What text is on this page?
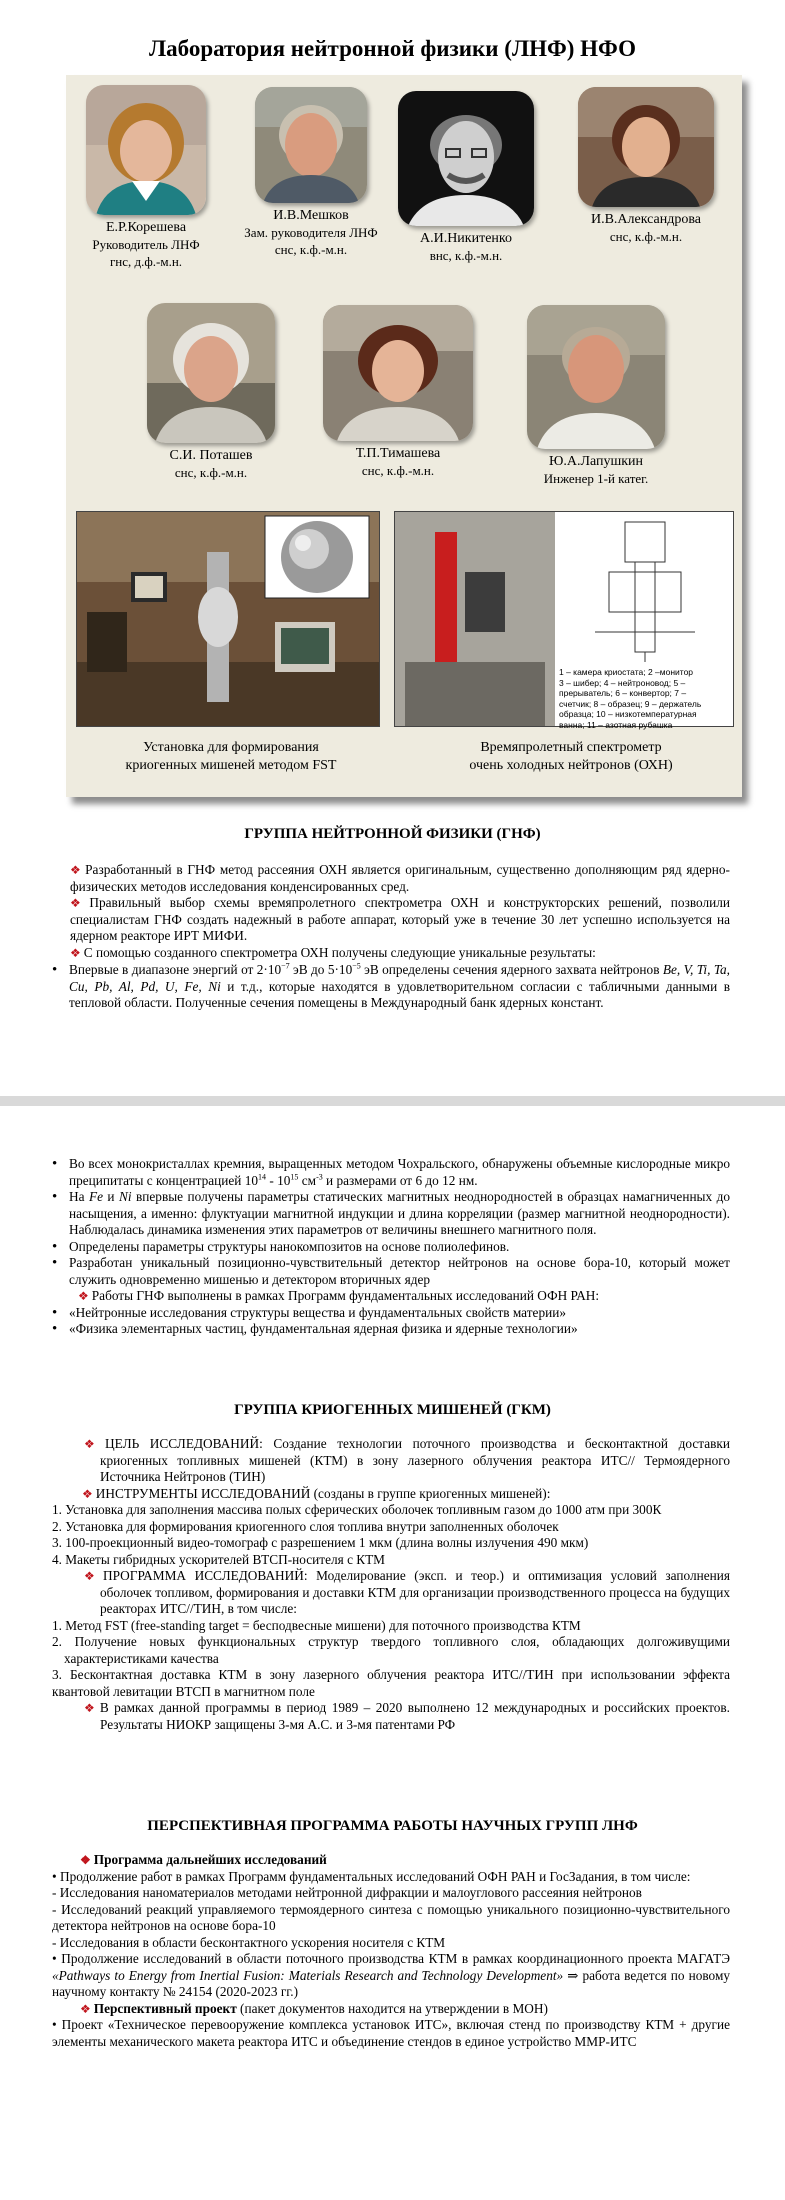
Лаборатория нейтронной физики (ЛНФ) НФО
Е.Р.Корешева
Руководитель ЛНФ
гнс, д.ф.-м.н.
И.В.Мешков
Зам. руководителя ЛНФ
снс, к.ф.-м.н.
А.И.Никитенко
внс, к.ф.-м.н.
И.В.Александрова
снс, к.ф.-м.н.
С.И. Поташев
снс, к.ф.-м.н.
Т.П.Тимашева
снс, к.ф.-м.н.
Ю.А.Лапушкин
Инженер 1-й катег.
1 – камера криостата; 2 –монитор
3 – шибер; 4 – нейтроновод; 5 –
прерыватель; 6 – конвертор; 7 –
счетчик; 8 – образец; 9 – держатель
образца; 10 – низкотемпературная
ванна; 11 – азотная рубашка
Установка для формирования
криогенных мишеней методом FST
Времяпролетный спектрометр
очень холодных нейтронов (ОХН)
ГРУППА НЕЙТРОННОЙ ФИЗИКИ (ГНФ)

❖ Разработанный в ГНФ метод рассеяния ОХН является оригинальным, существенно дополняющим ряд ядерно-физических методов исследования конденсированных сред.

❖ Правильный выбор схемы времяпролетного спектрометра ОХН и конструкторских решений, позволили специалистам ГНФ создать надежный в работе аппарат, который уже в течение 30 лет успешно используется на ядерном реакторе ИРТ МИФИ.

❖ С помощью созданного спектрометра ОХН получены следующие уникальные результаты:

• Впервые в диапазоне энергий от $2\cdot 10^{-7}$ эВ до $5\cdot 10^{-5}$ эВ определены сечения ядерного захвата нейтронов Be, V, Ti, Ta, Cu, Pb, Al, Pd, U, Fe, Ni и т.д., которые находятся в удовлетворительном согласии с табличными данными в тепловой области. Полученные сечения помещены в Международный банк ядерных констант.
• Во всех монокристаллах кремния, выращенных методом Чохральского, обнаружены объемные кислородные микро преципитаты с концентрацией $10^{14} - 10^{15}$ $см^{-3}$ и размерами от 6 до 12 нм.
• На Fe и Ni впервые получены параметры статических магнитных неоднородностей в образцах намагниченных до насыщения, а именно: флуктуации магнитной индукции и длина корреляции (размер магнитной неоднородности). Наблюдалась динамика изменения этих параметров от величины внешнего магнитного поля.
• Определены параметры структуры нанокомпозитов на основе полиолефинов.
• Разработан уникальный позиционно-чувствительный детектор нейтронов на основе бора-10, который может служить одновременно мишенью и детектором вторичных ядер

❖ Работы ГНФ выполнены в рамках Программ фундаментальных исследований ОФН РАН:

• «Нейтронные исследования структуры вещества и фундаментальных свойств материи»
• «Физика элементарных частиц, фундаментальная ядерная физика и ядерные технологии»
ГРУППА КРИОГЕННЫХ МИШЕНЕЙ (ГКМ)

❖ ЦЕЛЬ ИССЛЕДОВАНИЙ: Создание технологии поточного производства и бесконтактной доставки криогенных топливных мишеней (КТМ) в зону лазерного облучения реактора ИТС// Термоядерного Источника Нейтронов (ТИН)

❖ ИНСТРУМЕНТЫ ИССЛЕДОВАНИЙ (созданы в группе криогенных мишеней):

1. Установка для заполнения массива полых сферических оболочек топливным газом до 1000 атм при 300К

2. Установка для формирования криогенного слоя топлива внутри заполненных оболочек

3. 100-проекционный видео-томограф с разрешением 1 мкм (длина волны излучения 490 мкм)

4. Макеты гибридных ускорителей ВТСП-носителя с КТМ

❖ ПРОГРАММА ИССЛЕДОВАНИЙ: Моделирование (эксп. и теор.) и оптимизация условий заполнения оболочек топливом, формирования и доставки КТМ для организации производственного процесса на будущих реакторах ИТС//ТИН, в том числе:

1. Метод FST (free-standing target = бесподвесные мишени) для поточного производства КТМ

2. Получение новых функциональных структур твердого топливного слоя, обладающих долгоживущими характеристиками качества

3. Бесконтактная доставка КТМ в зону лазерного облучения реактора ИТС//ТИН при использовании эффекта квантовой левитации ВТСП в магнитном поле

❖ В рамках данной программы в период 1989 – 2020 выполнено 12 международных и российских проектов. Результаты НИОКР защищены 3-мя А.С. и 3-мя патентами РФ

ПЕРСПЕКТИВНАЯ ПРОГРАММА РАБОТЫ НАУЧНЫХ ГРУПП ЛНФ

❖ Программа дальнейших исследований

• Продолжение работ в рамках Программ фундаментальных исследований ОФН РАН и ГосЗадания, в том числе:

- Исследования наноматериалов методами нейтронной дифракции и малоуглового рассеяния нейтронов

- Исследований реакций управляемого термоядерного синтеза с помощью уникального позиционно-чувствительного детектора нейтронов на основе бора-10

- Исследования в области бесконтактного ускорения носителя с КТМ

• Продолжение исследований в области поточного производства КТМ в рамках координационного проекта МАГАТЭ «Pathways to Energy from Inertial Fusion: Materials Research and Technology Development» ⇒ работа ведется по новому научному контакту № 24154 (2020-2023 гг.)

❖ Перспективный проект (пакет документов находится на утверждении в МОН)

• Проект «Техническое перевооружение комплекса установок ИТС», включая стенд по производству КТМ + другие элементы механического макета реактора ИТС и объединение стендов в единое устройство ММР-ИТС
